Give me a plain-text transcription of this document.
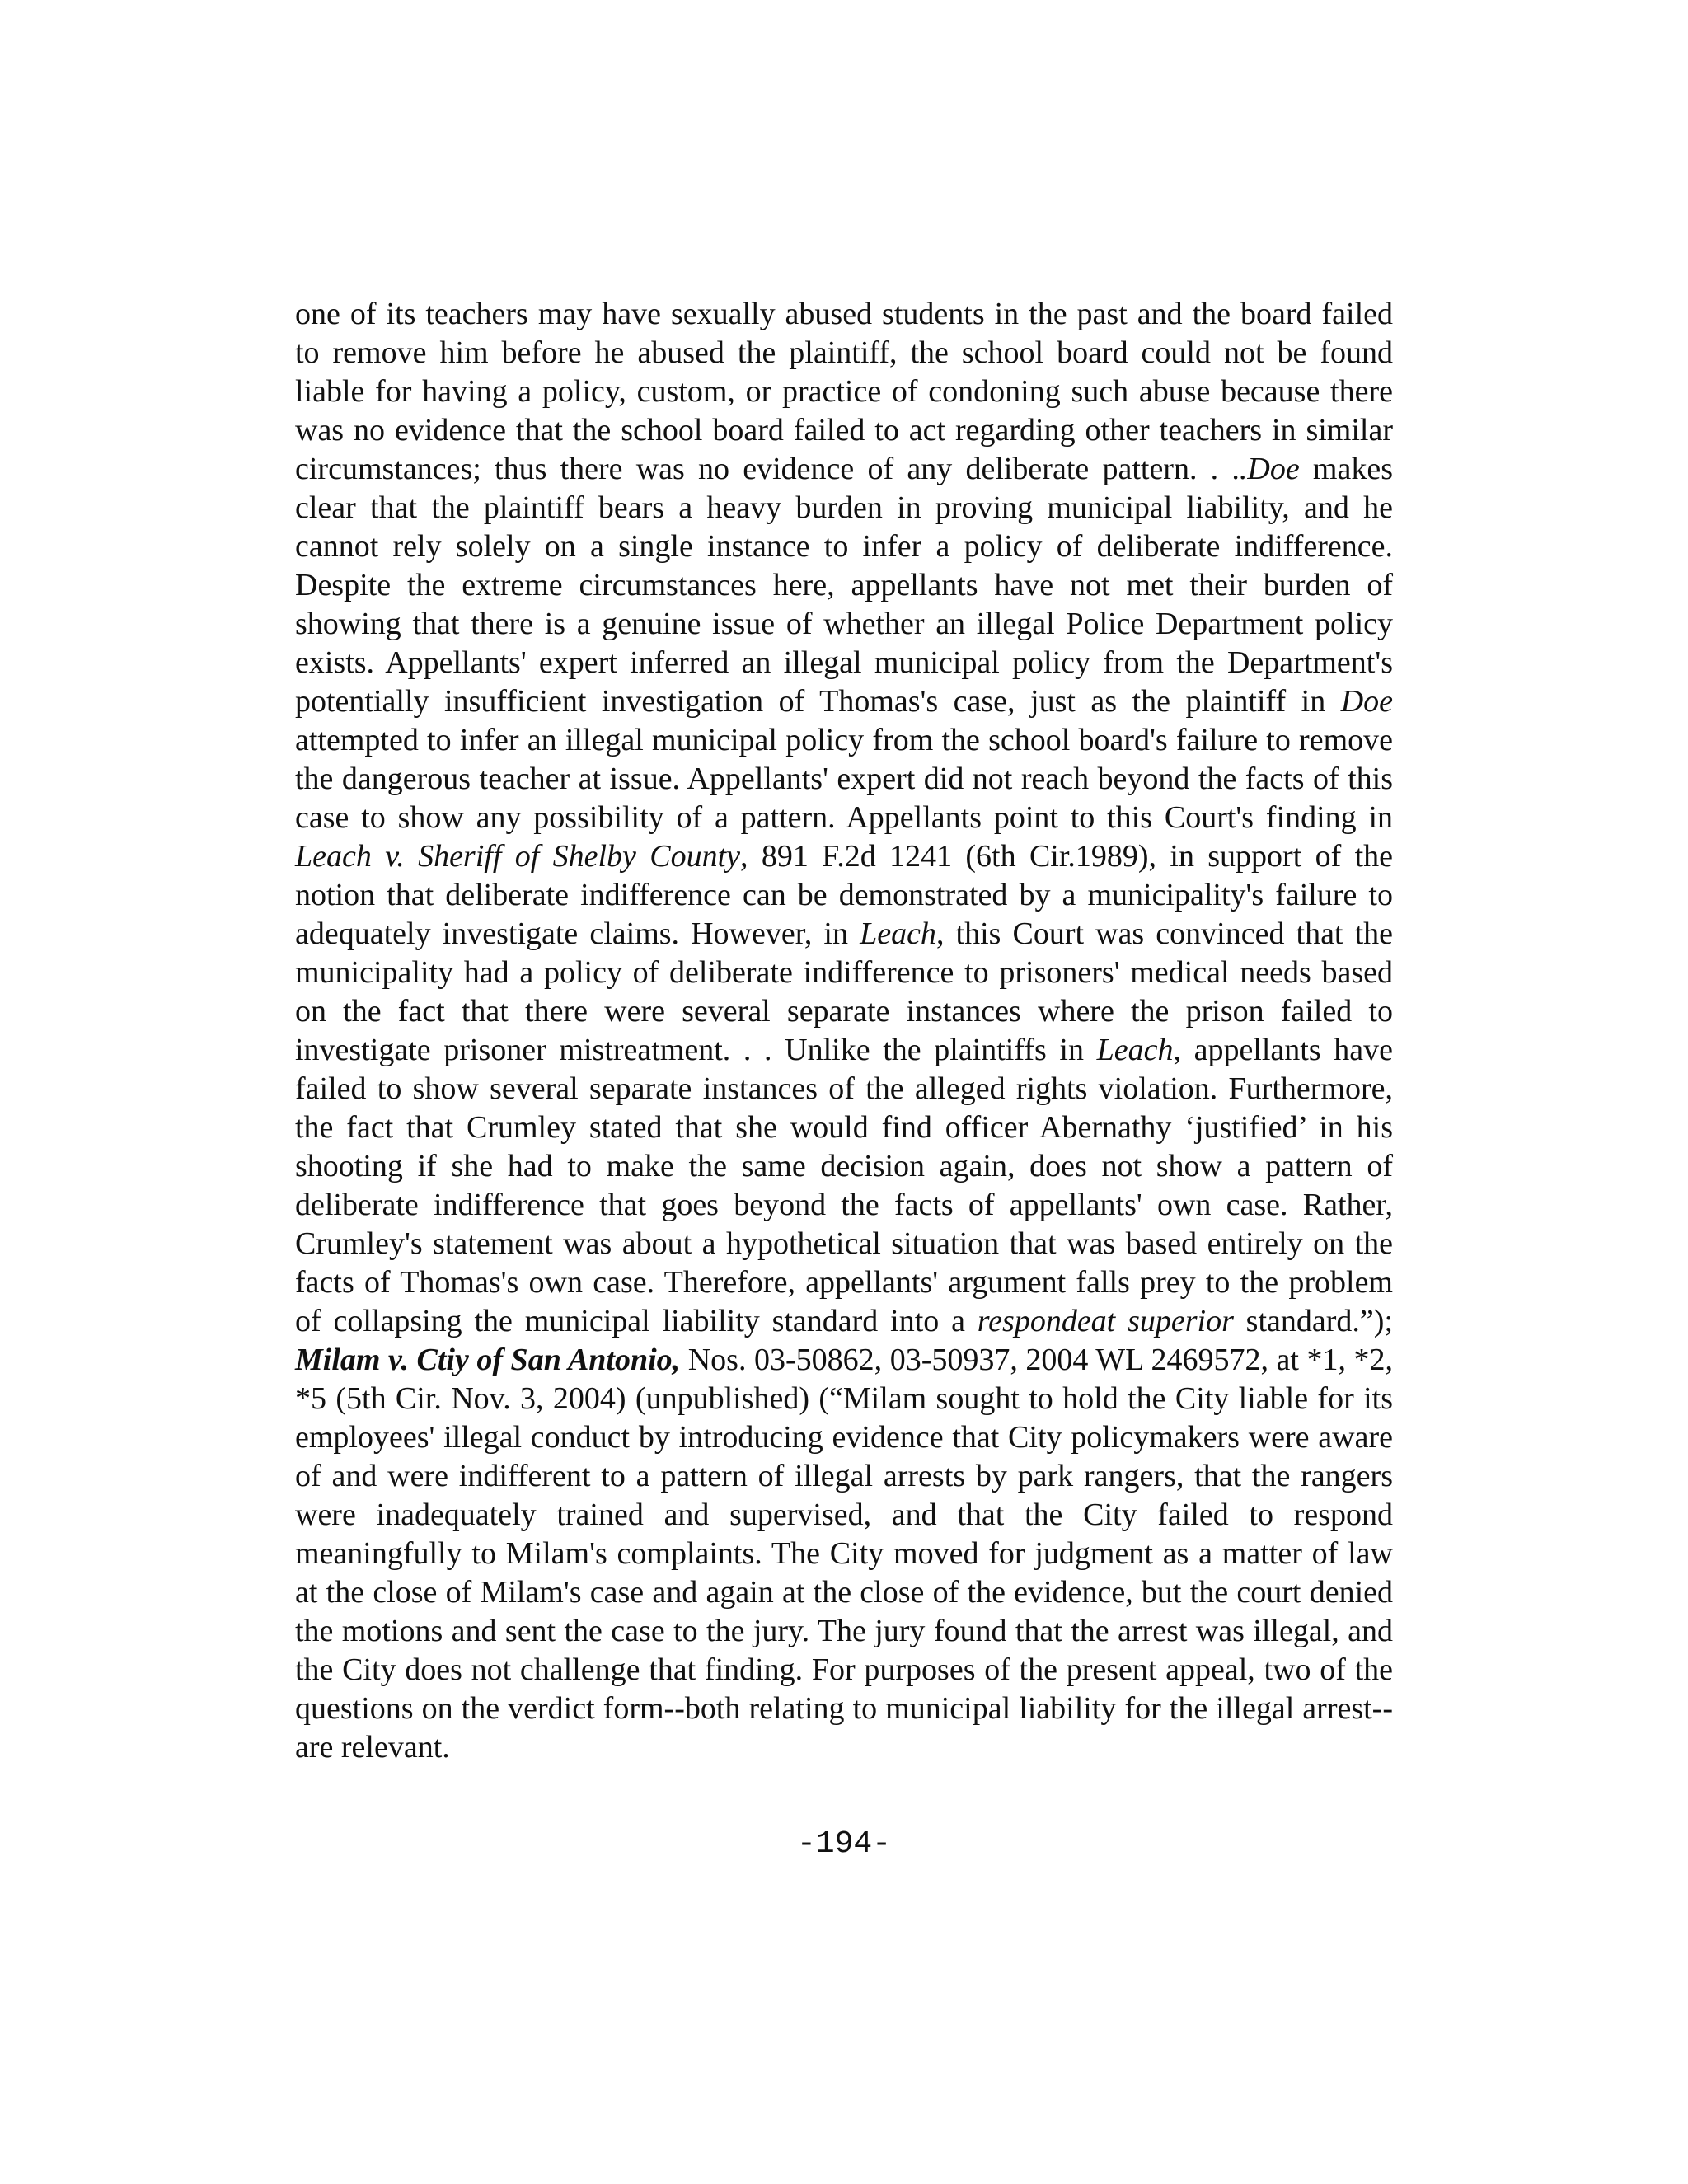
one of its teachers may have sexually abused students in the past and the board failed to remove him before he abused the plaintiff, the school board could not be found liable for having a policy, custom, or practice of condoning such abuse because there was no evidence that the school board failed to act regarding other teachers in similar circumstances; thus there was no evidence of any deliberate pattern. . ..Doe makes clear that the plaintiff bears a heavy burden in proving municipal liability, and he cannot rely solely on a single instance to infer a policy of deliberate indifference. Despite the extreme circumstances here, appellants have not met their burden of showing that there is a genuine issue of whether an illegal Police Department policy exists. Appellants' expert inferred an illegal municipal policy from the Department's potentially insufficient investigation of Thomas's case, just as the plaintiff in Doe attempted to infer an illegal municipal policy from the school board's failure to remove the dangerous teacher at issue. Appellants' expert did not reach beyond the facts of this case to show any possibility of a pattern. Appellants point to this Court's finding in Leach v. Sheriff of Shelby County, 891 F.2d 1241 (6th Cir.1989), in support of the notion that deliberate indifference can be demonstrated by a municipality's failure to adequately investigate claims. However, in Leach, this Court was convinced that the municipality had a policy of deliberate indifference to prisoners' medical needs based on the fact that there were several separate instances where the prison failed to investigate prisoner mistreatment. . . Unlike the plaintiffs in Leach, appellants have failed to show several separate instances of the alleged rights violation. Furthermore, the fact that Crumley stated that she would find officer Abernathy ‘justified’ in his shooting if she had to make the same decision again, does not show a pattern of deliberate indifference that goes beyond the facts of appellants' own case. Rather, Crumley's statement was about a hypothetical situation that was based entirely on the facts of Thomas's own case. Therefore, appellants' argument falls prey to the problem of collapsing the municipal liability standard into a respondeat superior standard.”); Milam v. Ctiy of San Antonio, Nos. 03-50862, 03-50937, 2004 WL 2469572, at *1, *2, *5 (5th Cir. Nov. 3, 2004) (unpublished) (“Milam sought to hold the City liable for its employees' illegal conduct by introducing evidence that City policymakers were aware of and were indifferent to a pattern of illegal arrests by park rangers, that the rangers were inadequately trained and supervised, and that the City failed to respond meaningfully to Milam's complaints. The City moved for judgment as a matter of law at the close of Milam's case and again at the close of the evidence, but the court denied the motions and sent the case to the jury. The jury found that the arrest was illegal, and the City does not challenge that finding. For purposes of the present appeal, two of the questions on the verdict form--both relating to municipal liability for the illegal arrest--are relevant.

-194-
